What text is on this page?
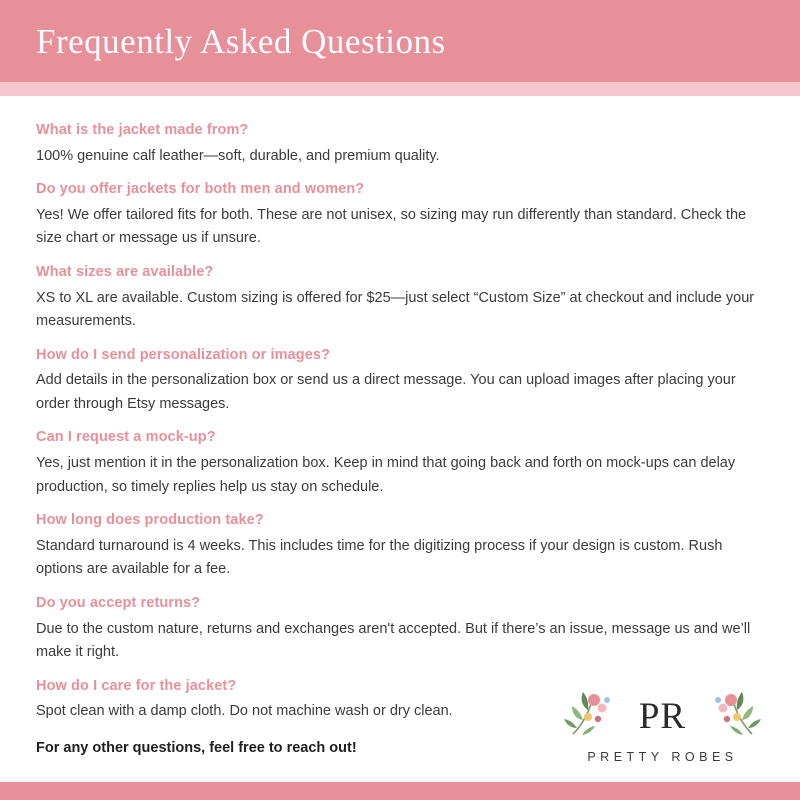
Frequently Asked Questions

What is the jacket made from?

100% genuine calf leather—soft, durable, and premium quality.

Do you offer jackets for both men and women?

Yes! We offer tailored fits for both. These are not unisex, so sizing may run differently than standard. Check the size chart or message us if unsure.

What sizes are available?

XS to XL are available. Custom sizing is offered for $25—just select “Custom Size” at checkout and include your measurements.

How do I send personalization or images?

Add details in the personalization box or send us a direct message. You can upload images after placing your order through Etsy messages.

Can I request a mock-up?

Yes, just mention it in the personalization box. Keep in mind that going back and forth on mock-ups can delay production, so timely replies help us stay on schedule.

How long does production take?

Standard turnaround is 4 weeks. This includes time for the digitizing process if your design is custom. Rush options are available for a fee.

Do you accept returns?

Due to the custom nature, returns and exchanges aren't accepted. But if there’s an issue, message us and we’ll make it right.

How do I care for the jacket?

Spot clean with a damp cloth. Do not machine wash or dry clean.

For any other questions, feel free to reach out!

PR
PRETTY ROBES
